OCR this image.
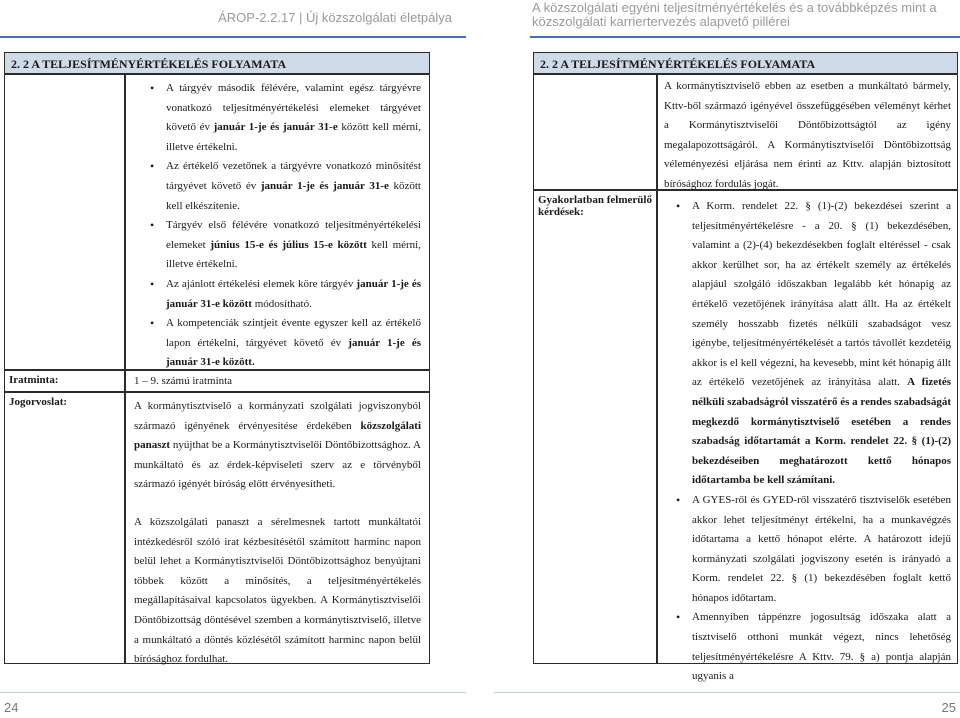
ÁROP-2.2.17 | Új közszolgálati életpálya
A közszolgálati egyéni teljesítményértékelés és a továbbképzés mint a
közszolgálati karriertervezés alapvető pillérei
2. 2 A TELJESÍTMÉNYÉRTÉKELÉS FOLYAMATA
• A tárgyév második félévére, valamint egész tárgyévre vonatkozó teljesítményértékelési elemeket tárgyévet követő év január 1-je és január 31-e között kell mérni, illetve értékelni.
• Az értékelő vezetőnek a tárgyévre vonatkozó minősítést tárgyévet követő év január 1-je és január 31-e között kell elkészítenie.
• Tárgyév első félévére vonatkozó teljesítményértékelési elemeket június 15-e és július 15-e között kell mérni, illetve értékelni.
• Az ajánlott értékelési elemek köre tárgyév január 1-je és január 31-e között módosítható.
• A kompetenciák szintjeit évente egyszer kell az értékelő lapon értékelni, tárgyévet követő év január 1-je és január 31-e között.
Iratminta:	1 – 9. számú iratminta
Jogorvoslat:	A kormánytisztviselő a kormányzati szolgálati jogviszonyból származó igényének érvényesítése érdekében közszolgálati panaszt nyújthat be a Kormánytisztviselői Döntőbizottsághoz. A munkáltató és az érdek-képviseleti szerv az e törvényből származó igényét bíróság előtt érvényesítheti.

A közszolgálati panaszt a sérelmesnek tartott munkáltatói intézkedésről szóló irat kézbesítésétől számított harminc napon belül lehet a Kormánytisztviselői Döntőbizottsághoz benyújtani többek között a minősítés, a teljesítményértékelés megállapításaival kapcsolatos ügyekben. A Kormánytisztviselői Döntőbizottság döntésével szemben a kormánytisztviselő, illetve a munkáltató a döntés közlésétől számított harminc napon belül bírósághoz fordulhat.

2. 2 A TELJESÍTMÉNYÉRTÉKELÉS FOLYAMATA

A kormánytisztviselő ebben az esetben a munkáltató bármely, Kttv-ből származó igényével összefüggésében véleményt kérhet a Kormánytisztviselői Döntőbizottságtól az igény megalapozottságáról. A Kormánytisztviselői Döntőbizottság véleményezési eljárása nem érinti az Kttv. alapján biztosított bírósághoz fordulás jogát.

Gyakorlatban felmerülő kérdések:
•	A Korm. rendelet 22. § (1)-(2) bekezdései szerint a teljesítményértékelésre - a 20. § (1) bekezdésében, valamint a (2)-(4) bekezdésekben foglalt eltéréssel - csak akkor kerülhet sor, ha az értékelt személy az értékelés alapjául szolgáló időszakban legalább két hónapig az értékelő vezetőjének irányítása alatt állt. Ha az értékelt személy hosszabb fizetés nélküli szabadságot vesz igénybe, teljesítményértékelését a tartós távollét kezdetéig akkor is el kell végezni, ha kevesebb, mint két hónapig állt az értékelő vezetőjének az irányítása alatt. A fizetés nélküli szabadságról visszatérő és a rendes szabadságát megkezdő kormánytisztviselő esetében a rendes szabadság időtartamát a Korm. rendelet 22. § (1)-(2) bekezdéseiben meghatározott kettő hónapos időtartamba be kell számítani.
• A GYES-ről és GYED-ről visszatérő tisztviselők esetében akkor lehet teljesítményt értékelni, ha a munkavégzés időtartama a kettő hónapot elérte. A határozott idejű kormányzati szolgálati jogviszony esetén is irányadó a Korm. rendelet 22. § (1) bekezdésében foglalt kettő hónapos időtartam.
• Amennyiben táppénzre jogosultság időszaka alatt a tisztviselő otthoni munkát végezt, nincs lehetőség teljesítményértékelésre A Kttv. 79. § a) pontja alapján ugyanis a
24	25
